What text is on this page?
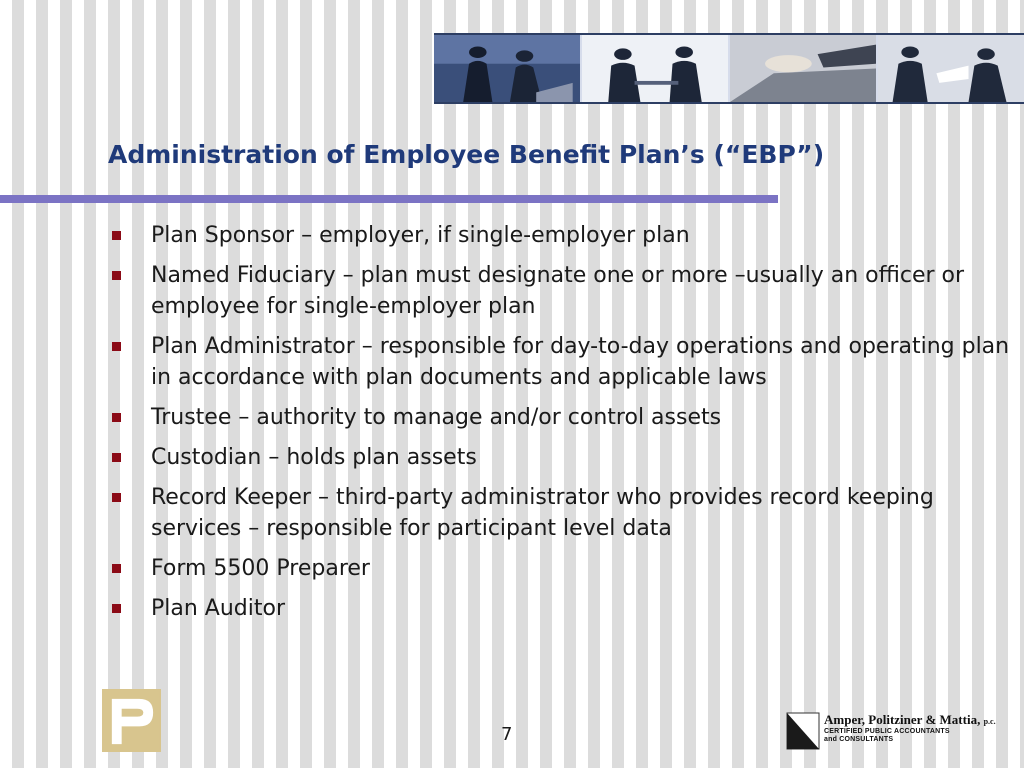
Administration of Employee Benefit Plan’s (“EBP”)
Plan Sponsor – employer, if single-employer plan
Named Fiduciary – plan must designate one or more –usually an officer or employee for single-employer plan
Plan Administrator – responsible for day-to-day operations and operating plan in accordance with plan documents and applicable laws
Trustee – authority to manage and/or control assets
Custodian – holds plan assets
Record Keeper – third-party administrator who provides record keeping services – responsible for participant level data
Form 5500 Preparer
Plan Auditor
7
Amper, Politziner & Mattia, p.c.
CERTIFIED PUBLIC ACCOUNTANTS
and CONSULTANTS
